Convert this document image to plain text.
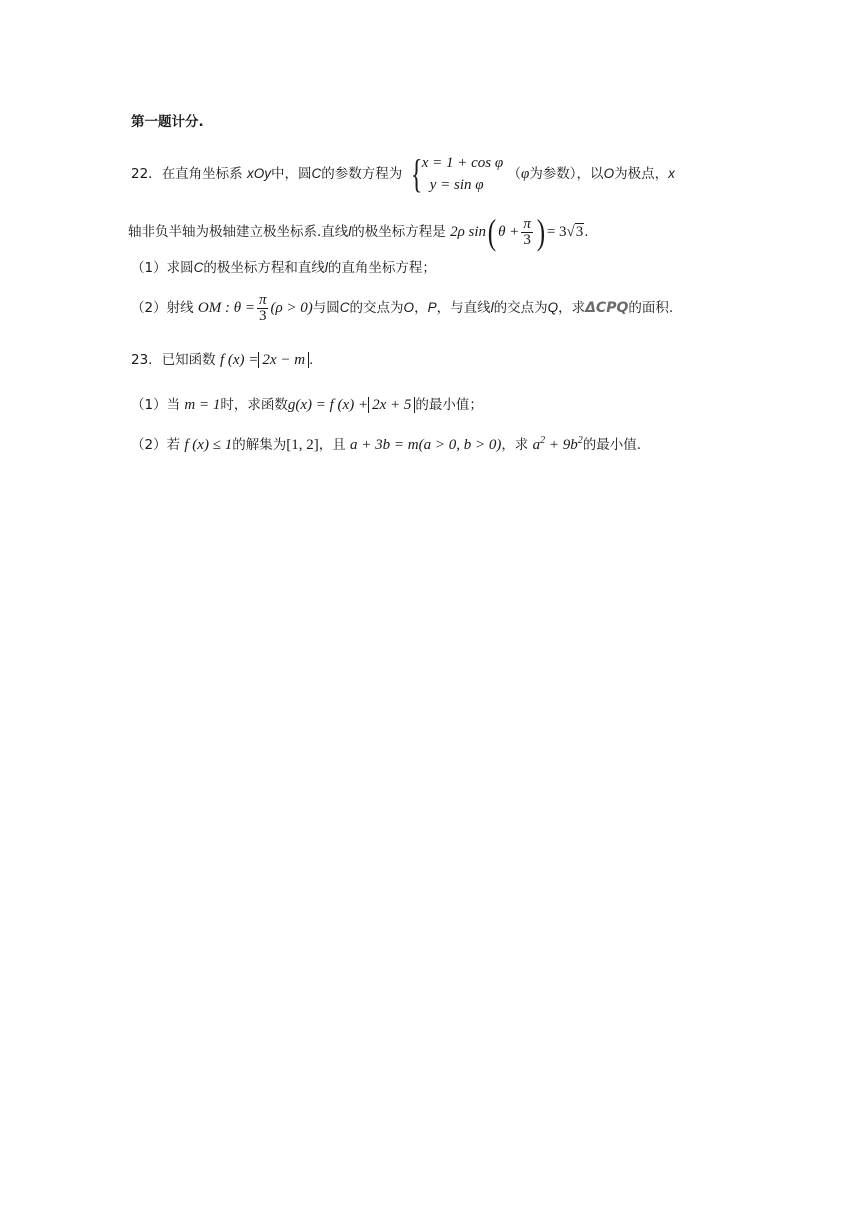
第一题计分.
22．在直角坐标系 xOy中，圆C的参数方程为 { x = 1 + cos φ
y = sin φ
（φ为参数），以O为极点，x
轴非负半轴为极轴建立极坐标系.直线l的极坐标方程是 2ρ sin( $\theta + \frac{\pi}{3}$ ) = 3√3.
（1）求圆C的极坐标方程和直线l的直角坐标方程；
（2）射线 OM : $\theta = \frac{\pi}{3} (\rho > 0)$与圆C的交点为O，P，与直线l的交点为Q，求ΔCPQ的面积.
23．已知函数 f (x) = 2x − m .
（1）当 m = 1时，求函数g(x) = f (x) + 2x + 5 的最小值；
（2）若 f (x) ≤ 1的解集为[1, 2]，且 a + 3b = m(a > 0, b > 0)，求 $a^2 + 9b^2$的最小值.
